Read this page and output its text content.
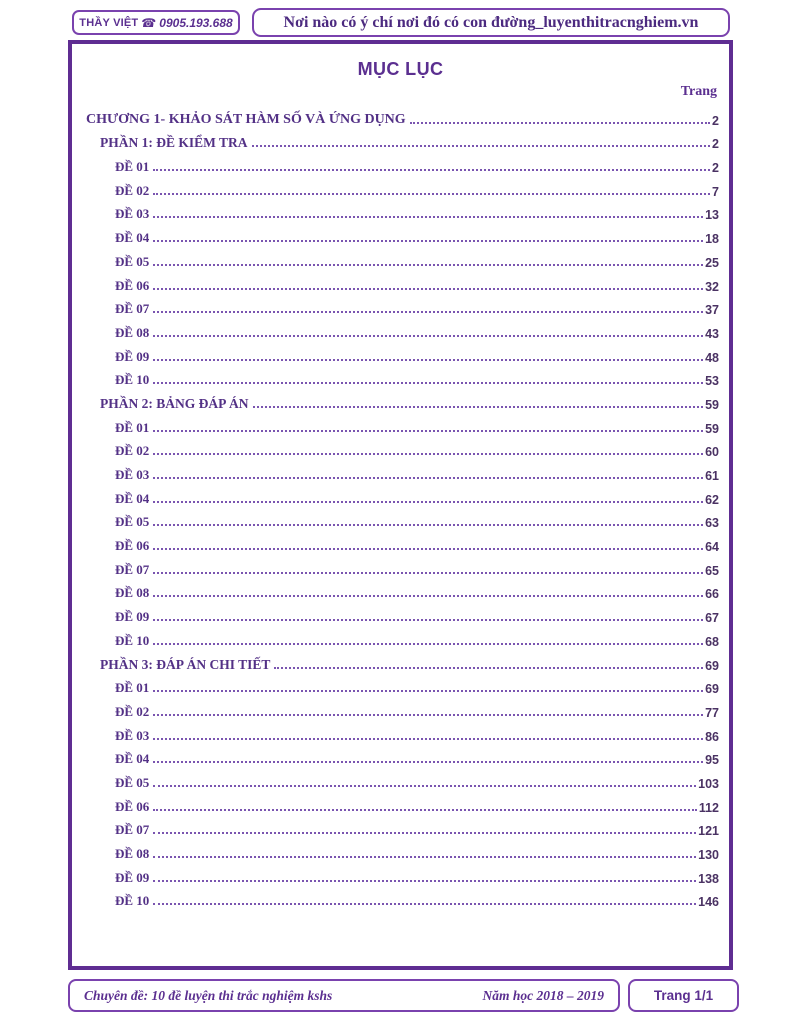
THẦY VIỆT ☎ 0905.193.688	Nơi nào có ý chí nơi đó có con đường_luyenthitracnghiem.vn
MỤC LỤC
Trang
CHƯƠNG 1- KHẢO SÁT HÀM SỐ VÀ ỨNG DỤNG	2
PHẦN 1: ĐỀ KIỂM TRA	2
ĐỀ 01	2
ĐỀ 02	7
ĐỀ 03	13
ĐỀ 04	18
ĐỀ 05	25
ĐỀ 06	32
ĐỀ 07	37
ĐỀ 08	43
ĐỀ 09	48
ĐỀ 10	53
PHẦN 2: BẢNG ĐÁP ÁN	59
ĐỀ 01	59
ĐỀ 02	60
ĐỀ 03	61
ĐỀ 04	62
ĐỀ 05	63
ĐỀ 06	64
ĐỀ 07	65
ĐỀ 08	66
ĐỀ 09	67
ĐỀ 10	68
PHẦN 3: ĐÁP ÁN CHI TIẾT	69
ĐỀ 01	69
ĐỀ 02	77
ĐỀ 03	86
ĐỀ 04	95
ĐỀ 05	103
ĐỀ 06	112
ĐỀ 07	121
ĐỀ 08	130
ĐỀ 09	138
ĐỀ 10	146
Chuyên đề: 10 đề luyện thi trắc nghiệm kshs	Năm học 2018 – 2019	Trang 1/1
